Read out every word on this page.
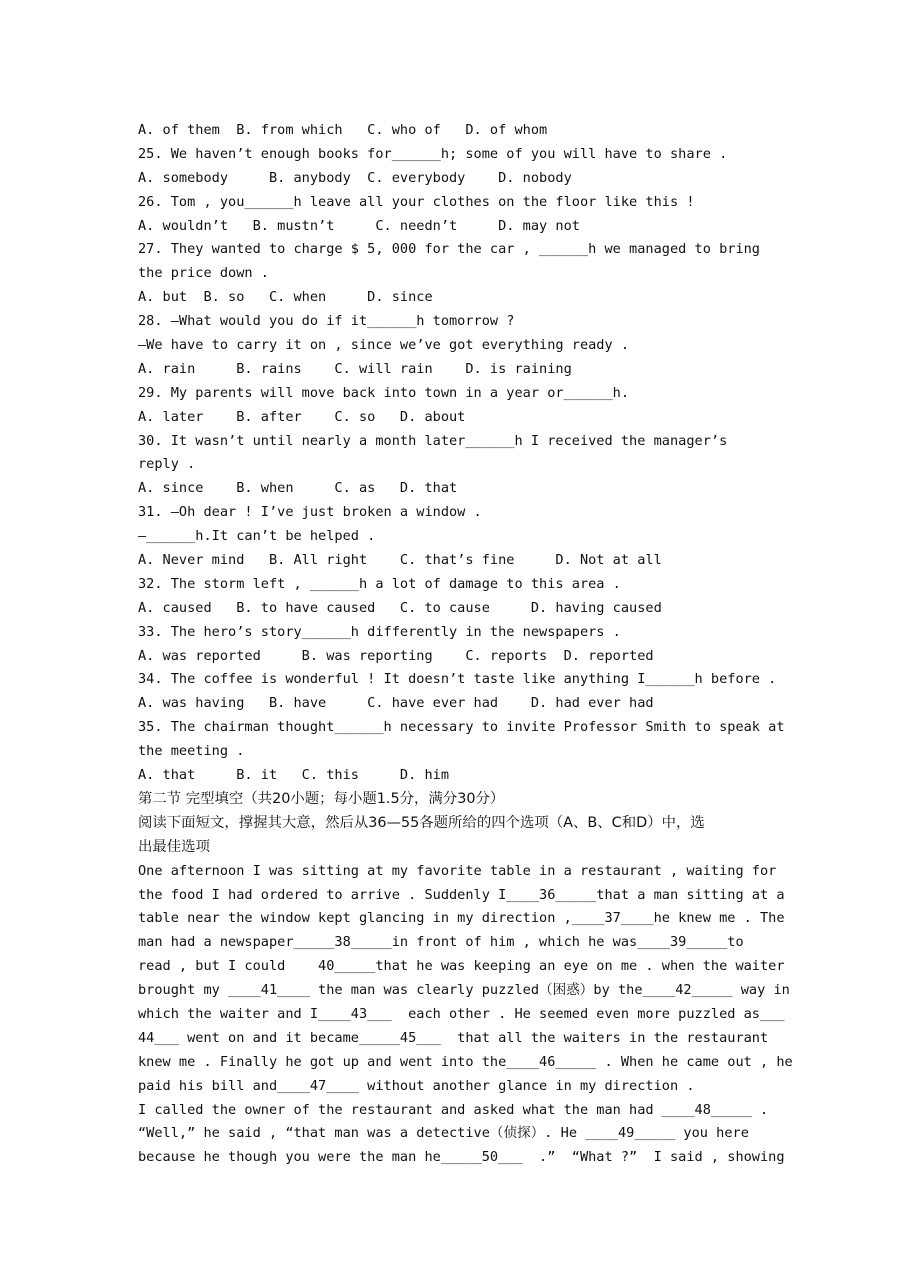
A. of them  B. from which   C. who of   D. of whom
25. We haven’t enough books for______h; some of you will have to share .
A. somebody     B. anybody  C. everybody    D. nobody
26. Tom , you______h leave all your clothes on the floor like this !
A. wouldn’t   B. mustn’t     C. needn’t     D. may not
27. They wanted to charge $ 5, 000 for the car , ______h we managed to bring
the price down .
A. but  B. so   C. when     D. since
28. —What would you do if it______h tomorrow ?
—We have to carry it on , since we’ve got everything ready .
A. rain     B. rains    C. will rain    D. is raining
29. My parents will move back into town in a year or______h.
A. later    B. after    C. so   D. about
30. It wasn’t until nearly a month later______h I received the manager’s
reply .
A. since    B. when     C. as   D. that
31. —Oh dear ! I’ve just broken a window .
—______h.It can’t be helped .
A. Never mind   B. All right    C. that’s fine     D. Not at all
32. The storm left , ______h a lot of damage to this area .
A. caused   B. to have caused   C. to cause     D. having caused
33. The hero’s story______h differently in the newspapers .
A. was reported     B. was reporting    C. reports  D. reported
34. The coffee is wonderful ! It doesn’t taste like anything I______h before .
A. was having   B. have     C. have ever had    D. had ever had
35. The chairman thought______h necessary to invite Professor Smith to speak at
the meeting .
A. that     B. it   C. this     D. him
第二节 完型填空（共20小题；每小题1.5分，满分30分）
阅读下面短文，撑握其大意，然后从36—55各题所给的四个选项（A、B、C和D）中，选
出最佳选项
One afternoon I was sitting at my favorite table in a restaurant , waiting for
the food I had ordered to arrive . Suddenly I____36_____that a man sitting at a
table near the window kept glancing in my direction ,____37____he knew me . The
man had a newspaper_____38_____in front of him , which he was____39_____to
read , but I could    40_____that he was keeping an eye on me . when the waiter
brought my ____41____ the man was clearly puzzled（困惑）by the____42_____ way in
which the waiter and I____43___  each other . He seemed even more puzzled as___
44___ went on and it became_____45___  that all the waiters in the restaurant
knew me . Finally he got up and went into the____46_____ . When he came out , he
paid his bill and____47____ without another glance in my direction .
I called the owner of the restaurant and asked what the man had ____48_____ .
“Well,” he said , “that man was a detective（侦探）. He ____49_____ you here
because he though you were the man he_____50___  .”  “What ?”  I said , showing
